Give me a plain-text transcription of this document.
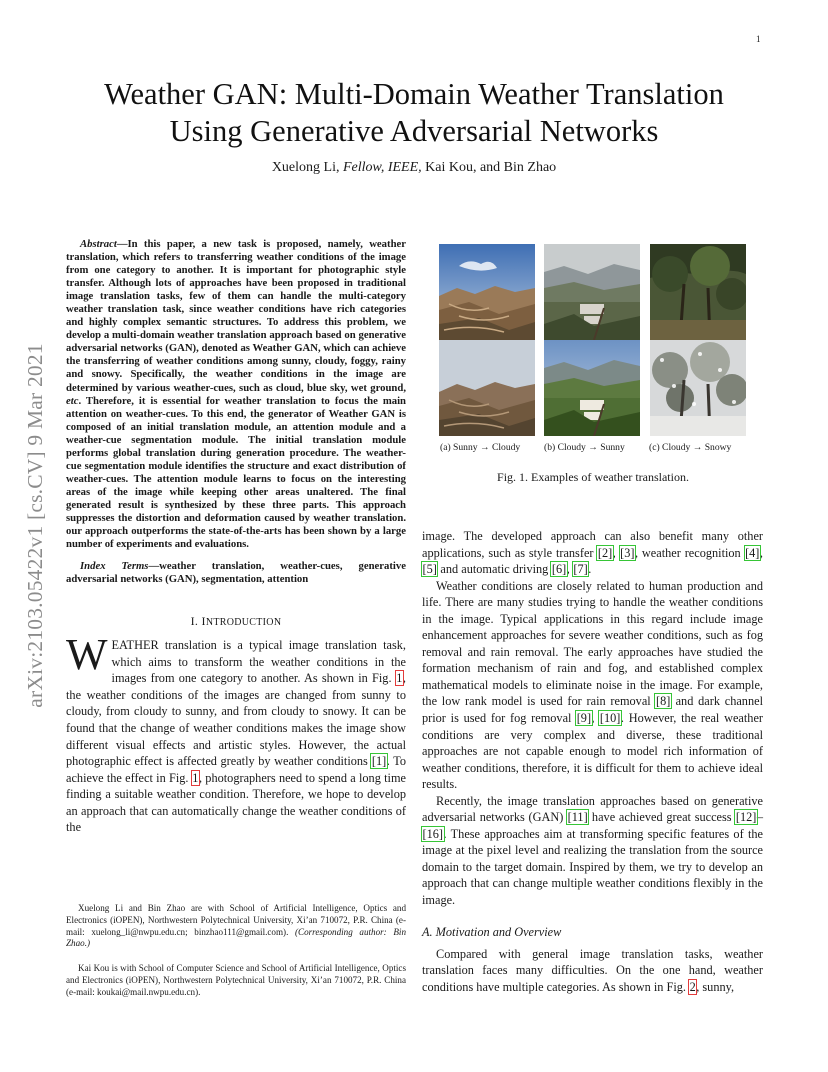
1
arXiv:2103.05422v1 [cs.CV] 9 Mar 2021
Weather GAN: Multi-Domain Weather Translation
Using Generative Adversarial Networks
Xuelong Li, Fellow, IEEE, Kai Kou, and Bin Zhao

Abstract—In this paper, a new task is proposed, namely, weather translation, which refers to transferring weather conditions of the image from one category to another. It is important for photographic style transfer. Although lots of approaches have been proposed in traditional image translation tasks, few of them can handle the multi-category weather translation task, since weather conditions have rich categories and highly complex semantic structures. To address this problem, we develop a multi-domain weather translation approach based on generative adversarial networks (GAN), denoted as Weather GAN, which can achieve the transferring of weather conditions among sunny, cloudy, foggy, rainy and snowy. Specifically, the weather conditions in the image are determined by various weather-cues, such as cloud, blue sky, wet ground, etc. Therefore, it is essential for weather translation to focus the main attention on weather-cues. To this end, the generator of Weather GAN is composed of an initial translation module, an attention module and a weather-cue segmentation module. The initial translation module performs global translation during generation procedure. The weather-cue segmentation module identifies the structure and exact distribution of weather-cues. The attention module learns to focus on the interesting areas of the image while keeping other areas unaltered. The final generated result is synthesized by these three parts. This approach suppresses the distortion and deformation caused by weather translation. our approach outperforms the state-of-the-arts has been shown by a large number of experiments and evaluations.

Index Terms—weather translation, weather-cues, generative adversarial networks (GAN), segmentation, attention

I. INTRODUCTION

WEATHER translation is a typical image translation task, which aims to transform the weather conditions in the images from one category to another. As shown in Fig. 1, the weather conditions of the images are changed from sunny to cloudy, from cloudy to sunny, and from cloudy to snowy. It can be found that the change of weather conditions makes the image show different visual effects and artistic styles. However, the actual photographic effect is affected greatly by weather conditions [1]. To achieve the effect in Fig. 1, photographers need to spend a long time finding a suitable weather condition. Therefore, we hope to develop an approach that can automatically change the weather conditions of the

Xuelong Li and Bin Zhao are with School of Artificial Intelligence, Optics and Electronics (iOPEN), Northwestern Polytechnical University, Xi’an 710072, P.R. China (e-mail: xuelong_li@nwpu.edu.cn; binzhao111@gmail.com). (Corresponding author: Bin Zhao.)

Kai Kou is with School of Computer Science and School of Artificial Intelligence, Optics and Electronics (iOPEN), Northwestern Polytechnical University, Xi’an 710072, P.R. China (e-mail: koukai@mail.nwpu.edu.cn).

(a) Sunny → Cloudy (b) Cloudy → Sunny	(c) Cloudy → Snowy
Fig. 1. Examples of weather translation.

image. The developed approach can also benefit many other applications, such as style transfer [2], [3], weather recognition [4], [5] and automatic driving [6], [7].

Weather conditions are closely related to human production and life. There are many studies trying to handle the weather conditions in the image. Typical applications in this regard include image enhancement approaches for severe weather conditions, such as fog removal and rain removal. The early approaches have studied the formation mechanism of rain and fog, and established complex mathematical models to eliminate noise in the image. For example, the low rank model is used for rain removal [8] and dark channel prior is used for fog removal [9], [10]. However, the real weather conditions are very complex and diverse, these traditional approaches are not capable enough to model rich information of weather conditions, therefore, it is difficult for them to achieve ideal results.

Recently, the image translation approaches based on generative adversarial networks (GAN) [11] have achieved great success [12]–[16]. These approaches aim at transforming specific features of the image at the pixel level and realizing the translation from the source domain to the target domain. Inspired by them, we try to develop an approach that can change multiple weather conditions flexibly in the image.

A. Motivation and Overview

Compared with general image translation tasks, weather translation faces many difficulties. On the one hand, weather conditions have multiple categories. As shown in Fig. 2, sunny,
